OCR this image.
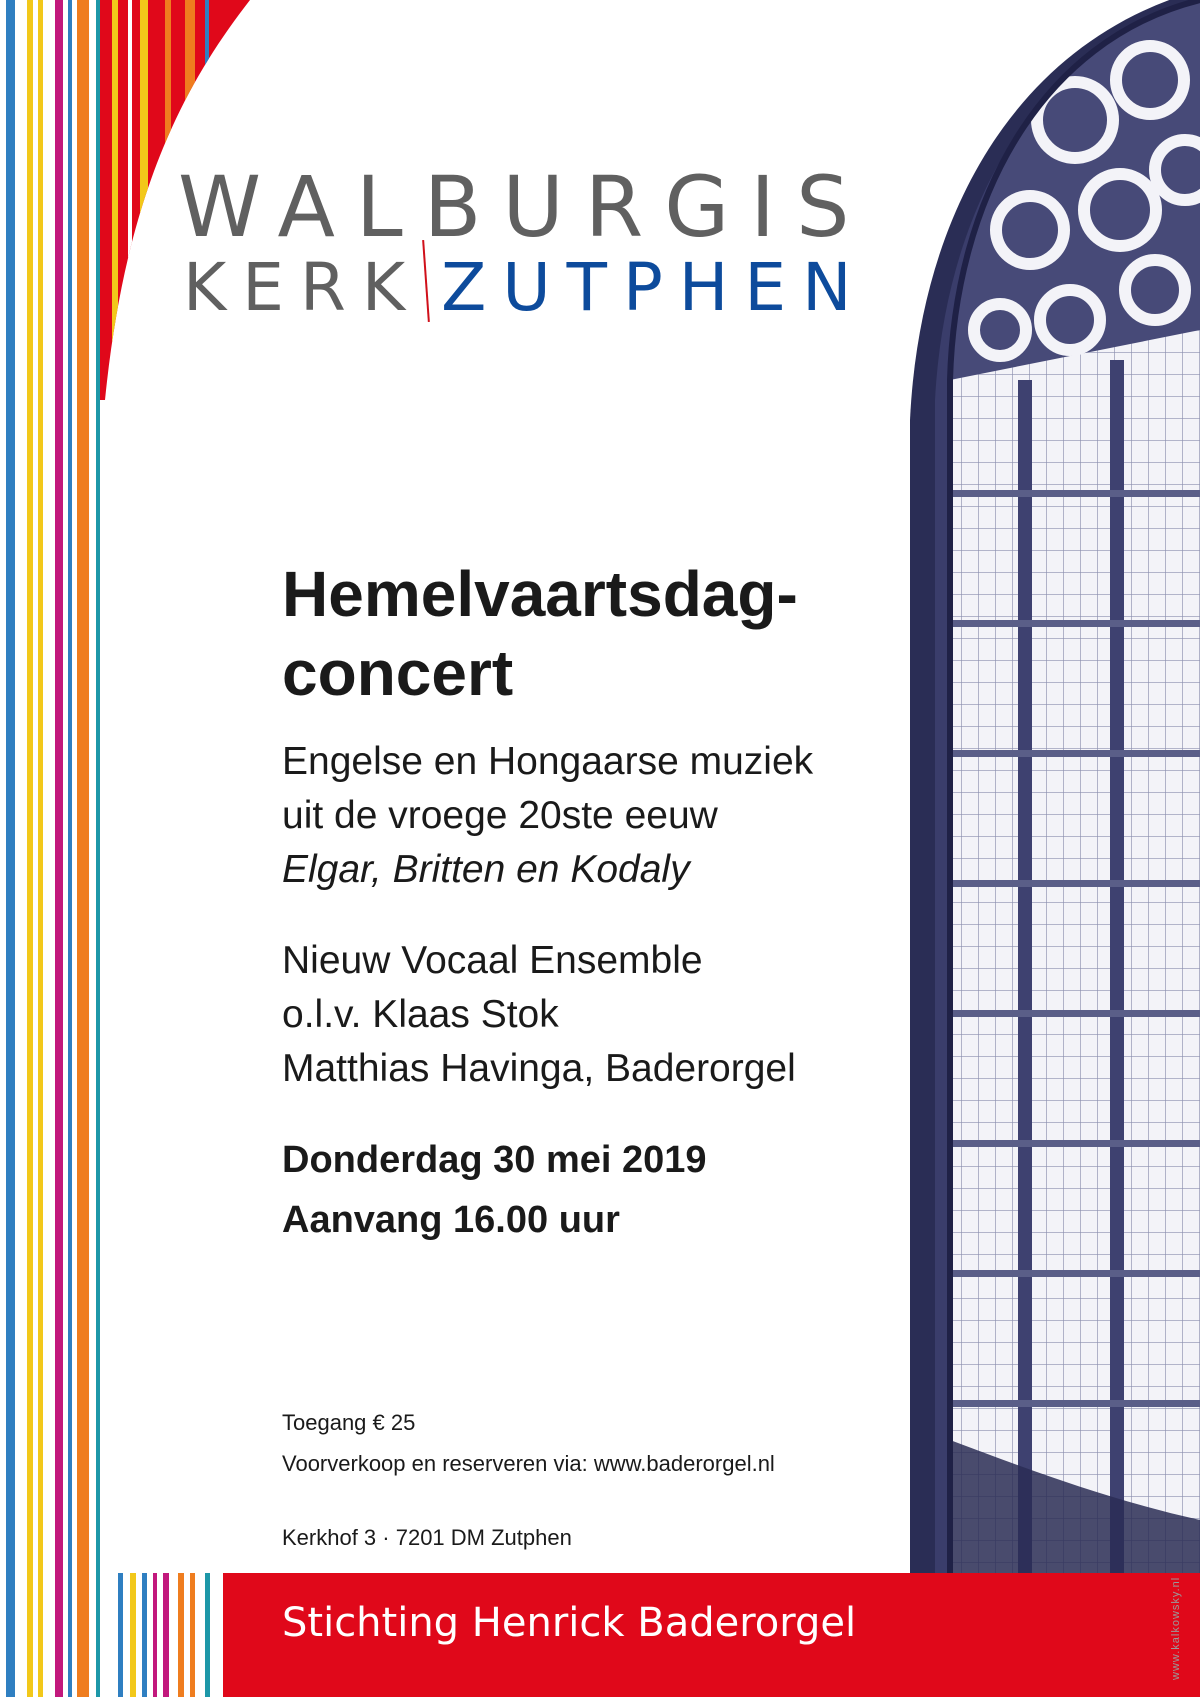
WALBURGIS
KERK ZUTPHEN
Hemelvaartsdag-
concert
Engelse en Hongaarse muziek
uit de vroege 20ste eeuw
Elgar, Britten en Kodaly
Nieuw Vocaal Ensemble
o.l.v. Klaas Stok
Matthias Havinga, Baderorgel
Donderdag 30 mei 2019
Aanvang 16.00 uur
Toegang € 25
Voorverkoop en reserveren via: www.baderorgel.nl
Kerkhof 3 · 7201 DM Zutphen
Stichting Henrick Baderorgel	www.kalkowsky.nl
